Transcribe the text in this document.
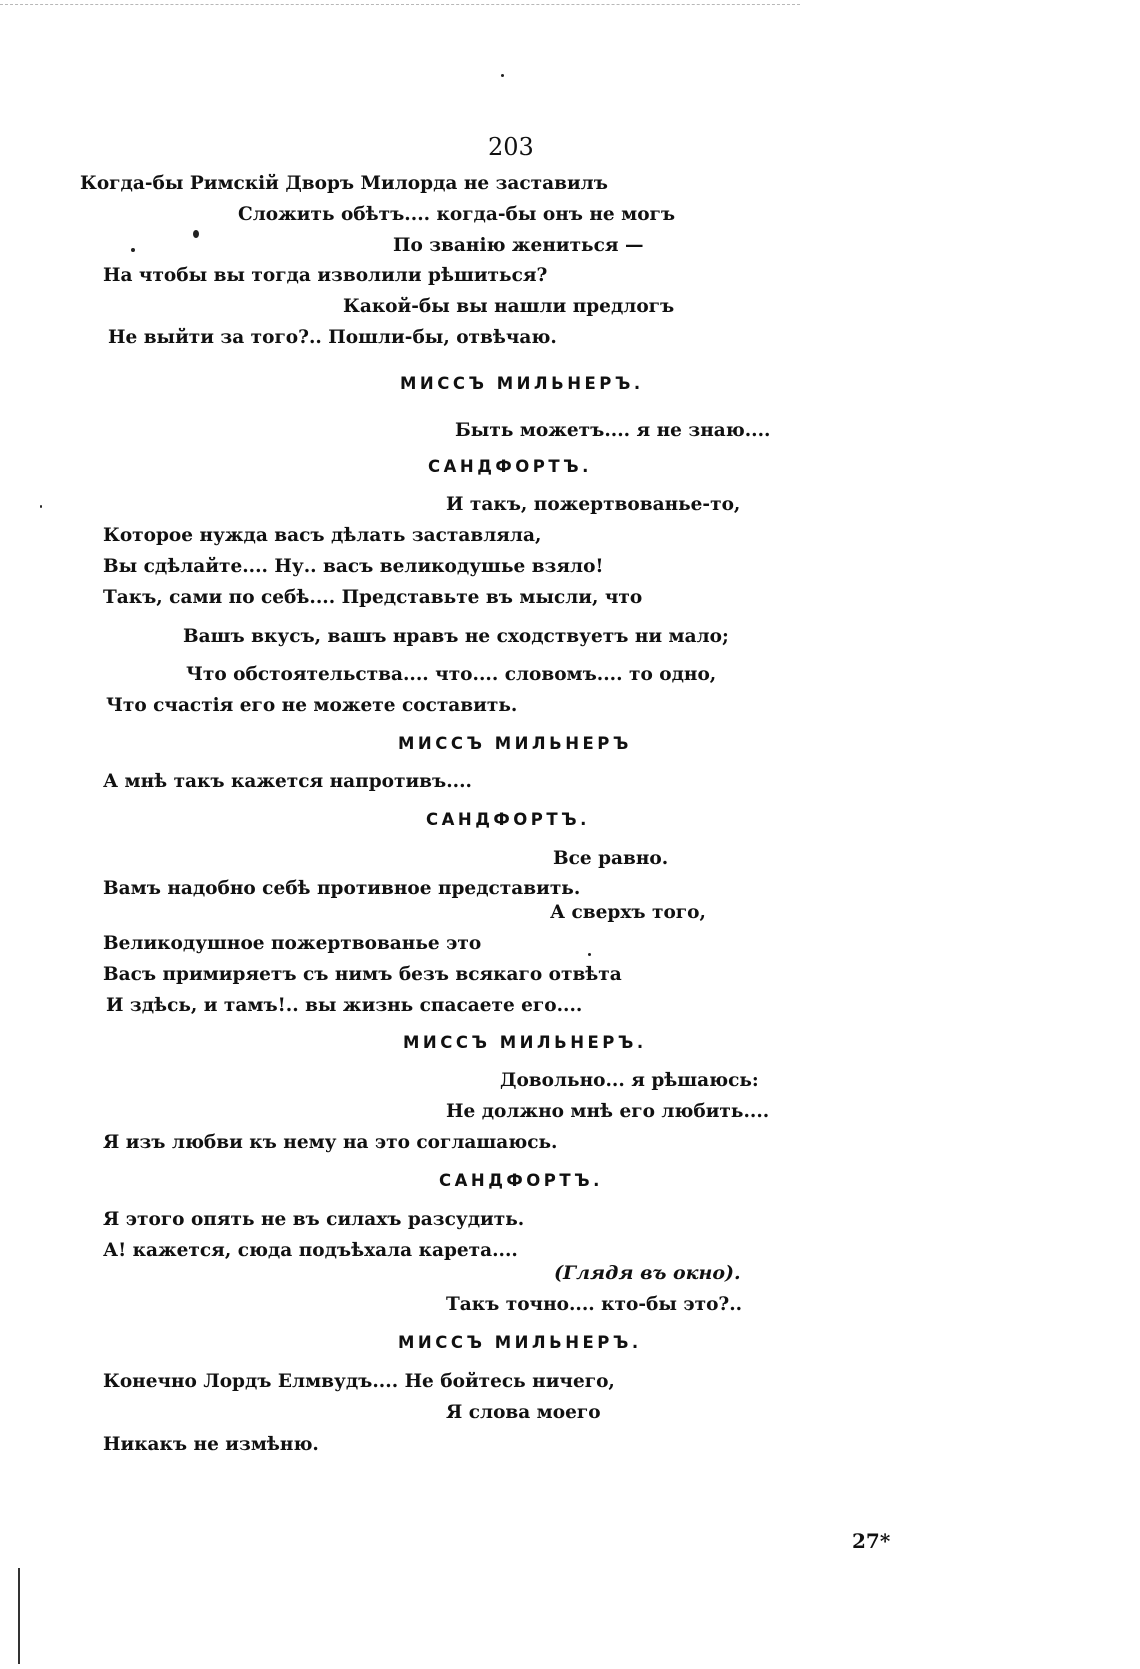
203
Когда-бы Римскій Дворъ Милорда не заставилъ
Сложить обѣтъ.... когда-бы онъ не могъ
По званію жениться —
На чтобы вы тогда изволили рѣшиться?
Какой-бы вы нашли предлогъ
Не выйти за того?.. Пошли-бы, отвѣчаю.
МИССЪ МИЛЬНЕРЪ.
Быть можетъ.... я не знаю....
САНДФОРТЪ.
И такъ, пожертвованье-то,
Которое нужда васъ дѣлать заставляла,
Вы сдѣлайте.... Ну.. васъ великодушье взяло!
Такъ, сами по себѣ.... Представьте въ мысли, что
Вашъ вкусъ, вашъ нравъ не сходствуетъ ни мало;
Что обстоятельства.... что.... словомъ.... то одно,
Что счастія его не можете составить.
МИССЪ МИЛЬНЕРЪ
А мнѣ такъ кажется напротивъ....
САНДФОРТЪ.
Все равно.
Вамъ надобно себѣ противное представить.
А сверхъ того,
Великодушное пожертвованье это
Васъ примиряетъ съ нимъ безъ всякаго отвѣта
И здѣсь, и тамъ!.. вы жизнь спасаете его....
МИССЪ МИЛЬНЕРЪ.
Довольно... я рѣшаюсь:
Не должно мнѣ его любить....
Я изъ любви къ нему на это соглашаюсь.
САНДФОРТЪ.
Я этого опять не въ силахъ разсудить.
А! кажется, сюда подъѣхала карета....
(Глядя въ окно).
Такъ точно.... кто-бы это?..
МИССЪ МИЛЬНЕРЪ.
Конечно Лордъ Елмвудъ.... Не бойтесь ничего,
Я слова моего
Никакъ не измѣню.
27*
